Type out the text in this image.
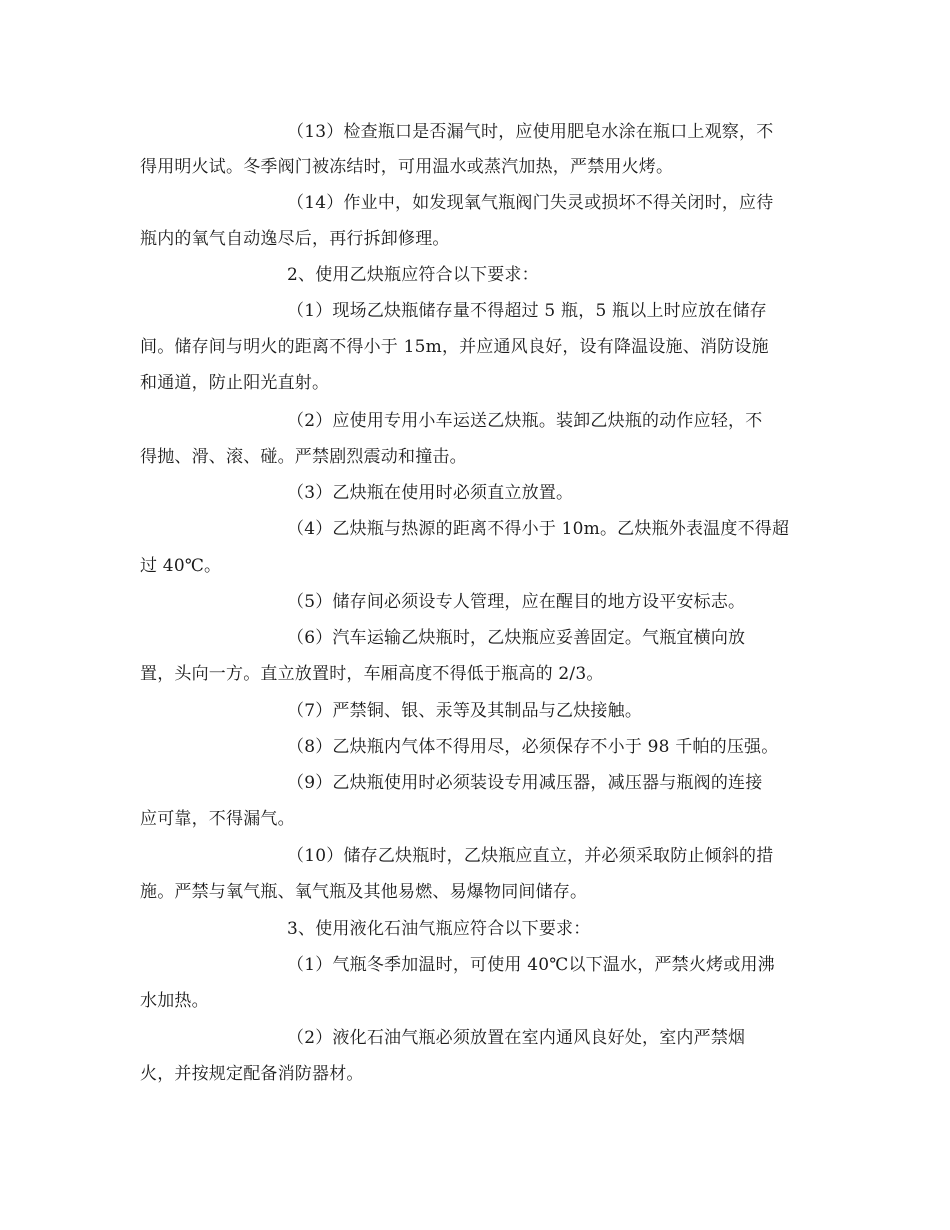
（13）检查瓶口是否漏气时，应使用肥皂水涂在瓶口上观察，不
得用明火试。冬季阀门被冻结时，可用温水或蒸汽加热，严禁用火烤。
（14）作业中，如发现氧气瓶阀门失灵或损坏不得关闭时，应待
瓶内的氧气自动逸尽后，再行拆卸修理。
2、使用乙炔瓶应符合以下要求：
（1）现场乙炔瓶储存量不得超过 5 瓶，5 瓶以上时应放在储存
间。储存间与明火的距离不得小于 15m，并应通风良好，设有降温设施、消防设施
和通道，防止阳光直射。
（2）应使用专用小车运送乙炔瓶。装卸乙炔瓶的动作应轻，不
得抛、滑、滚、碰。严禁剧烈震动和撞击。
（3）乙炔瓶在使用时必须直立放置。
（4）乙炔瓶与热源的距离不得小于 10m。乙炔瓶外表温度不得超
过 40℃。
（5）储存间必须设专人管理，应在醒目的地方设平安标志。
（6）汽车运输乙炔瓶时，乙炔瓶应妥善固定。气瓶宜横向放
置，头向一方。直立放置时，车厢高度不得低于瓶高的 2/3。
（7）严禁铜、银、汞等及其制品与乙炔接触。
（8）乙炔瓶内气体不得用尽，必须保存不小于 98 千帕的压强。
（9）乙炔瓶使用时必须装设专用减压器，减压器与瓶阀的连接
应可靠，不得漏气。
（10）储存乙炔瓶时，乙炔瓶应直立，并必须采取防止倾斜的措
施。严禁与氧气瓶、氧气瓶及其他易燃、易爆物同间储存。
3、使用液化石油气瓶应符合以下要求：
（1）气瓶冬季加温时，可使用 40℃以下温水，严禁火烤或用沸
水加热。
（2）液化石油气瓶必须放置在室内通风良好处，室内严禁烟
火，并按规定配备消防器材。
